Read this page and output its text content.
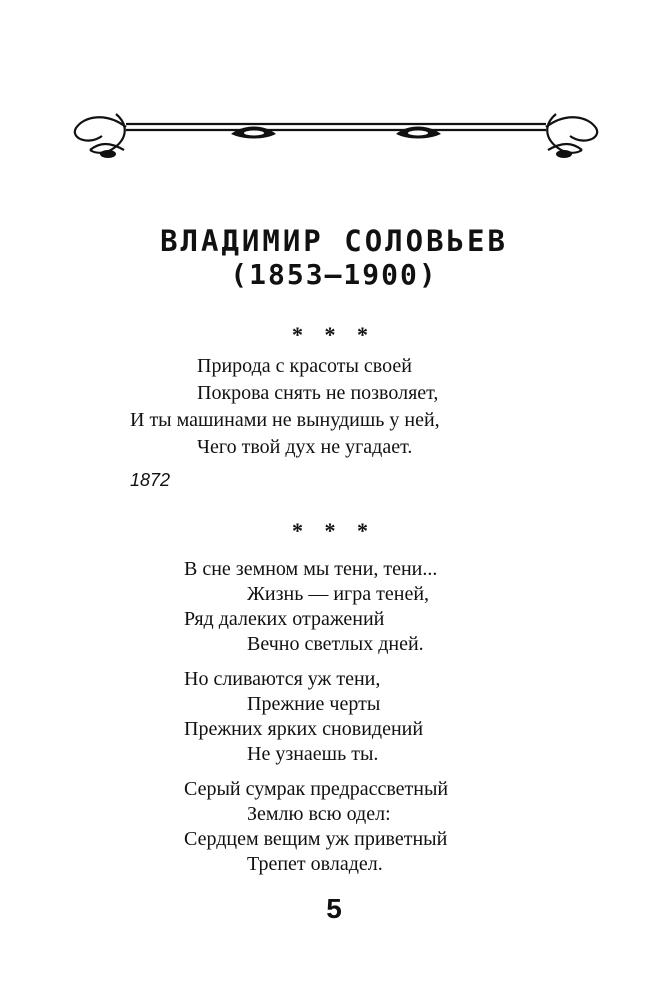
ВЛАДИМИР СОЛОВЬЕВ
(1853—1900)
* * *
Природа с красоты своей
Покрова снять не позволяет,
И ты машинами не вынудишь у ней,
Чего твой дух не угадает.
1872
* * *
В сне земном мы тени, тени...
Жизнь — игра теней,
Ряд далеких отражений
Вечно светлых дней.
Но сливаются уж тени,
Прежние черты
Прежних ярких сновидений
Не узнаешь ты.
Серый сумрак предрассветный
Землю всю одел:
Сердцем вещим уж приветный
Трепет овладел.
5
